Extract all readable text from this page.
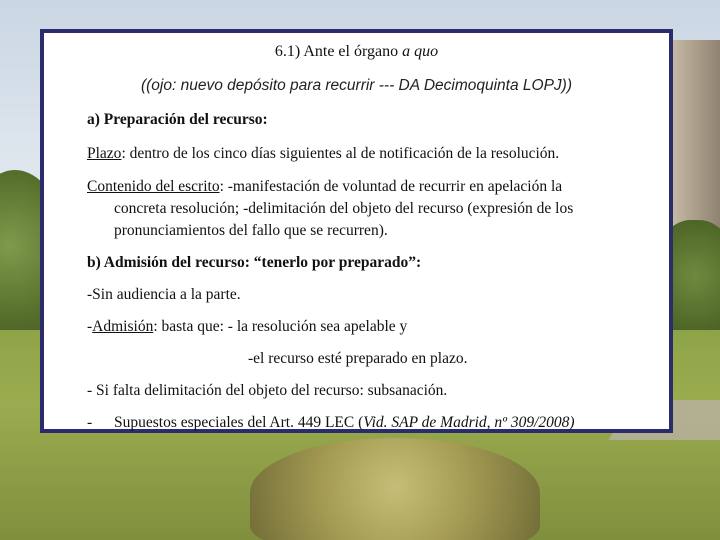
6.1) Ante el órgano a quo
((ojo: nuevo depósito para recurrir --- DA Decimoquinta LOPJ))
a) Preparación del recurso:
Plazo: dentro de los cinco días siguientes al de notificación de la resolución.
Contenido del escrito: -manifestación de voluntad de recurrir en apelación la
concreta resolución; -delimitación del objeto del recurso (expresión de los
pronunciamientos del fallo que se recurren).
b) Admisión del recurso: “tenerlo por preparado”:
-Sin audiencia a la parte.
-Admisión: basta que: - la resolución sea apelable y
-el recurso esté preparado en plazo.
- Si falta delimitación del objeto del recurso: subsanación.
- Supuestos especiales del Art. 449 LEC (Vid. SAP de Madrid, nº 309/2008)
